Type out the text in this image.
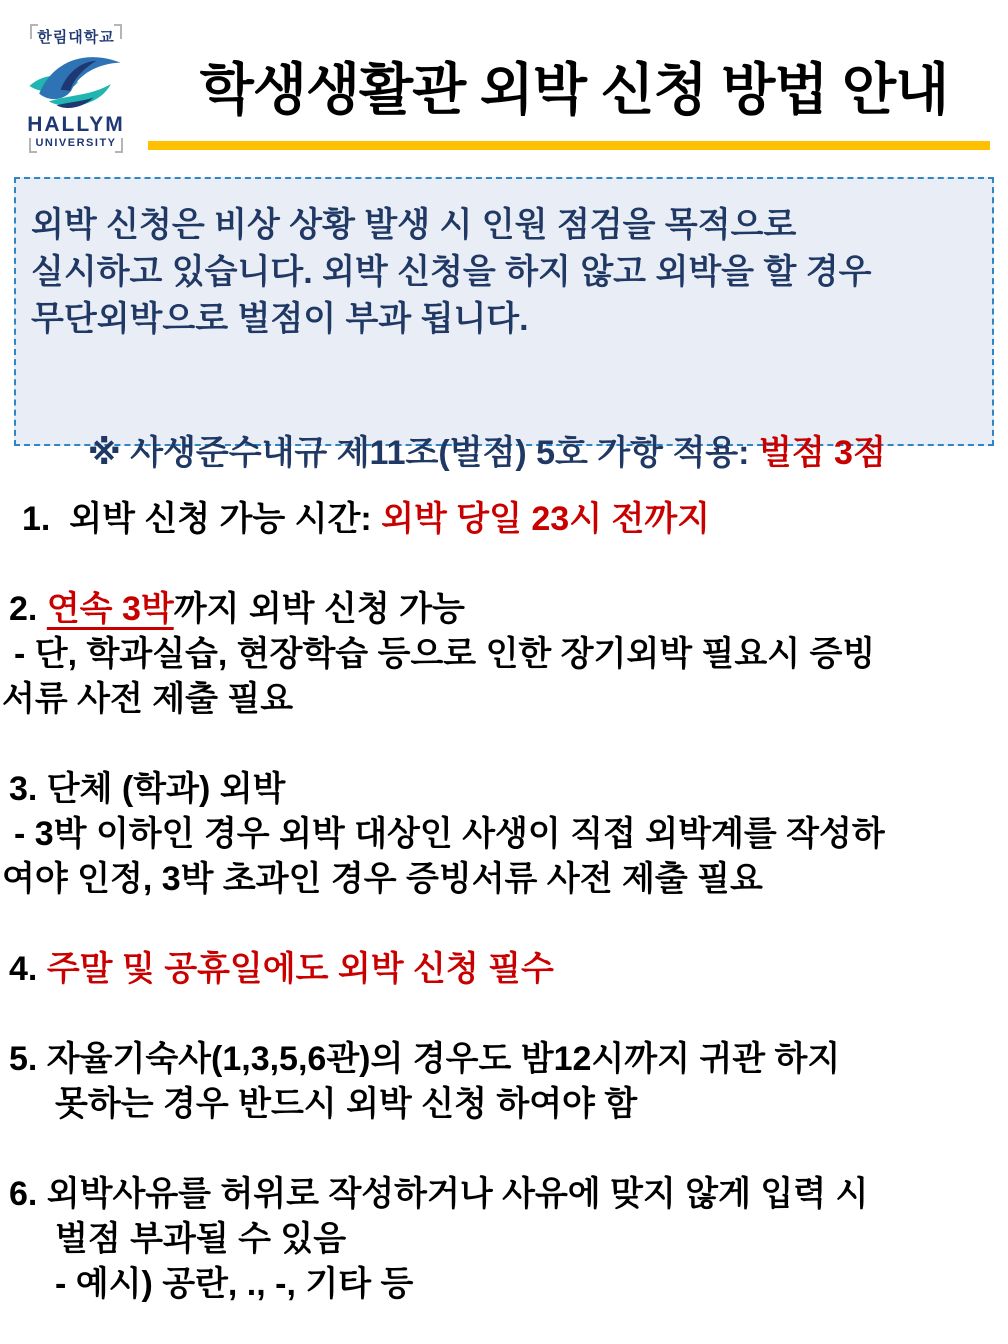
한림대학교
HALLYM
UNIVERSITY
학생생활관 외박 신청 방법 안내
외박 신청은 비상 상황 발생 시 인원 점검을 목적으로
실시하고 있습니다. 외박 신청을 하지 않고 외박을 할 경우
무단외박으로 벌점이 부과 됩니다.

※ 사생준수내규 제11조(벌점) 5호 가항 적용: 벌점 3점

1.  외박 신청 가능 시간: 외박 당일 23시 전까지
2. 연속 3박까지 외박 신청 가능
- 단, 학과실습, 현장학습 등으로 인한 장기외박 필요시 증빙
서류 사전 제출 필요
3. 단체 (학과) 외박
- 3박 이하인 경우 외박 대상인 사생이 직접 외박계를 작성하
여야 인정, 3박 초과인 경우 증빙서류 사전 제출 필요
4. 주말 및 공휴일에도 외박 신청 필수
5. 자율기숙사(1,3,5,6관)의 경우도 밤12시까지 귀관 하지
못하는 경우 반드시 외박 신청 하여야 함
6. 외박사유를 허위로 작성하거나 사유에 맞지 않게 입력 시
벌점 부과될 수 있음
- 예시) 공란, ., -, 기타 등
